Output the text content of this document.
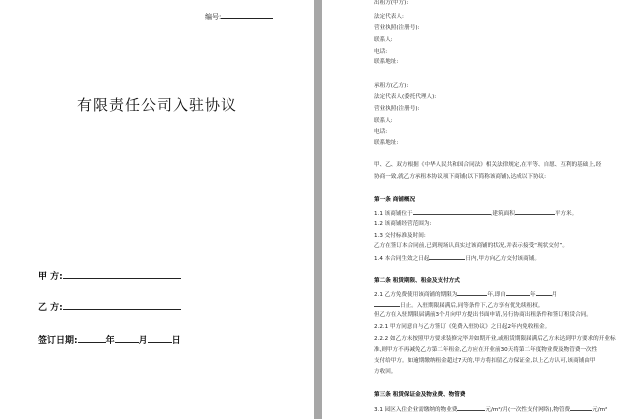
编号:
有限责任公司入驻协议
甲 方:
乙 方:
签订日期:	年	月	日
出租方(甲方):
法定代表人:
营业执照(注册号):
联系人:
电话:
联系地址:
承租方(乙方):
法定代表人(委托代理人):
营业执照(注册号):
联系人:
电话:
联系地址:
甲、乙、双方根据《中华人民共和国合同法》相关法律规定,在平等、自愿、互利的基础上,经
协商一致,就乙方承租本协议项下商铺(以下简称该商铺),达成以下协议:
第一条 商铺概况
1.1 该商铺位于	,建筑面积	平方米。
1.2 该商铺经营范围为:
1.3 交付标准及时间:
乙方在签订本合同前,已到现场认真实过该商铺的状况,并表示接受“现状交付”。
1.4 本合同生效之日起	日内,甲方向乙方交付该商铺。
第二条 租赁期限、租金及支付方式
2.1 乙方免费使用该商铺的期限为	年,即自	年	月
日止。入驻期限届满后,同等条件下,乙方享有优先续租权。
但乙方在入驻期限届满前3个月向甲方提出书面申请,另行协商出租条件和签订租赁合同。
2.2.1 甲方同意自与乙方签订《免费入驻协议》之日起2年内免收租金。
2.2.2 如乙方未按照甲方要求装修完毕并如期开业,或租赁期限届满后乙方未达到甲方要求的开业标
准,则甲方不再减免乙方第二年租金,乙方应在开业前30天将第二年度物业费及物管费一次性
支付给甲方。如逾期缴纳租金超过7天的,甲方将扣留乙方保证金,以上乙方认可,该商铺由甲
方收回。
第三条 租赁保证金及物业费、物管费
3.1 园区入住企业需缴纳的物业费	元/m²/月(一次性支付网络),物管费	元/m²
